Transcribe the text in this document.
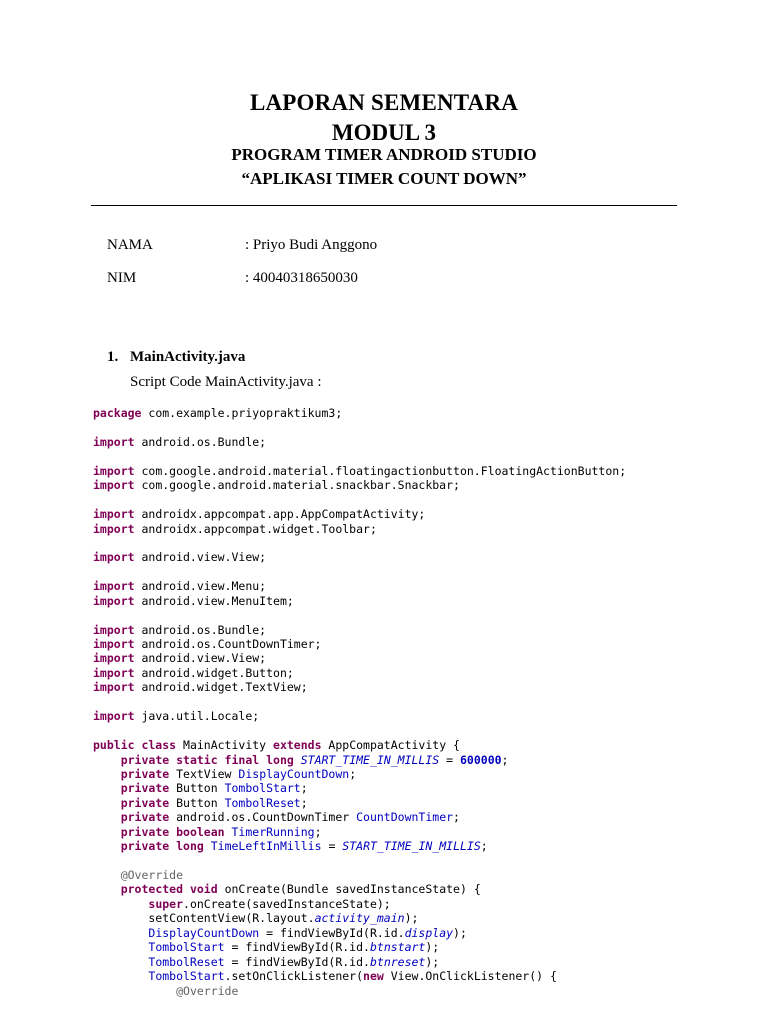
LAPORAN SEMENTARA
MODUL 3
PROGRAM TIMER ANDROID STUDIO
“APLIKASI TIMER COUNT DOWN”
NAMA	: Priyo Budi Anggono
NIM	: 40040318650030
1. MainActivity.java
Script Code MainActivity.java :
package com.example.priyopraktikum3;

import android.os.Bundle;

import com.google.android.material.floatingactionbutton.FloatingActionButton;
import com.google.android.material.snackbar.Snackbar;

import androidx.appcompat.app.AppCompatActivity;
import androidx.appcompat.widget.Toolbar;

import android.view.View;

import android.view.Menu;
import android.view.MenuItem;

import android.os.Bundle;
import android.os.CountDownTimer;
import android.view.View;
import android.widget.Button;
import android.widget.TextView;

import java.util.Locale;

public class MainActivity extends AppCompatActivity {
private static final long START_TIME_IN_MILLIS = 600000;
private TextView DisplayCountDown;
private Button TombolStart;
private Button TombolReset;
private android.os.CountDownTimer CountDownTimer;
private boolean TimerRunning;
private long TimeLeftInMillis = START_TIME_IN_MILLIS;

@Override
protected void onCreate(Bundle savedInstanceState) {
super.onCreate(savedInstanceState);
setContentView(R.layout.activity_main);
DisplayCountDown = findViewById(R.id.display);
TombolStart = findViewById(R.id.btnstart);
TombolReset = findViewById(R.id.btnreset);
TombolStart.setOnClickListener(new View.OnClickListener() {
@Override
